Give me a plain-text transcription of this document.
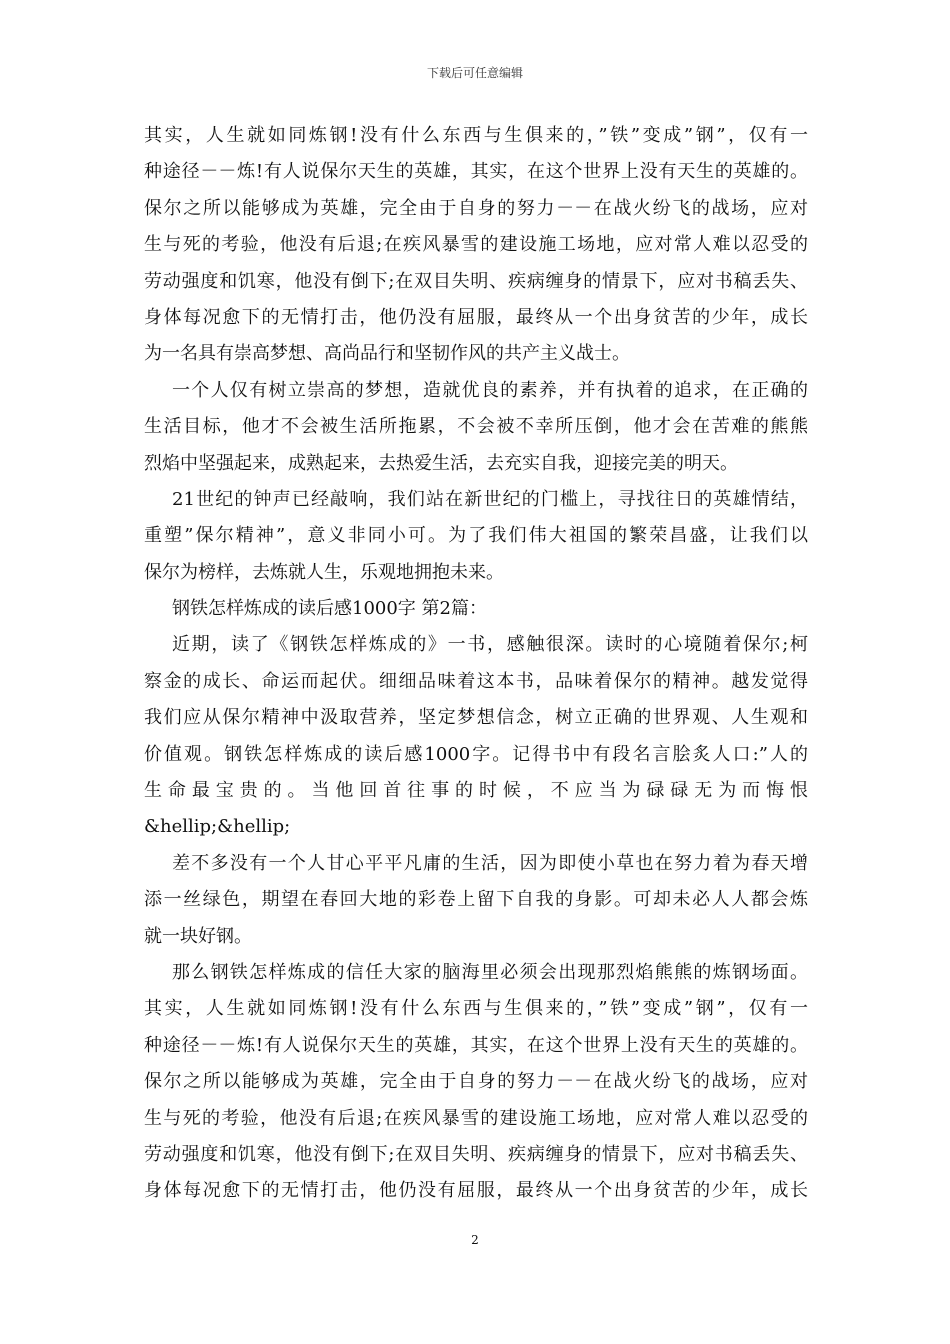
下载后可任意编辑
其实，人生就如同炼钢!没有什么东西与生俱来的，”铁”变成”钢”，仅有一
种途径－－炼!有人说保尔天生的英雄，其实，在这个世界上没有天生的英雄的。
保尔之所以能够成为英雄，完全由于自身的努力－－在战火纷飞的战场，应对
生与死的考验，他没有后退;在疾风暴雪的建设施工场地，应对常人难以忍受的
劳动强度和饥寒，他没有倒下;在双目失明、疾病缠身的情景下，应对书稿丢失、
身体每况愈下的无情打击，他仍没有屈服，最终从一个出身贫苦的少年，成长
为一名具有崇高梦想、高尚品行和坚韧作风的共产主义战士。
一个人仅有树立崇高的梦想，造就优良的素养，并有执着的追求，在正确的
生活目标，他才不会被生活所拖累，不会被不幸所压倒，他才会在苦难的熊熊
烈焰中坚强起来，成熟起来，去热爱生活，去充实自我，迎接完美的明天。
21世纪的钟声已经敲响，我们站在新世纪的门槛上，寻找往日的英雄情结，
重塑”保尔精神”，意义非同小可。为了我们伟大祖国的繁荣昌盛，让我们以
保尔为榜样，去炼就人生，乐观地拥抱未来。
钢铁怎样炼成的读后感1000字 第2篇：
近期，读了《钢铁怎样炼成的》一书，感触很深。读时的心境随着保尔;柯
察金的成长、命运而起伏。细细品味着这本书，品味着保尔的精神。越发觉得
我们应从保尔精神中汲取营养，坚定梦想信念，树立正确的世界观、人生观和
价值观。钢铁怎样炼成的读后感1000字。记得书中有段名言脍炙人口:”人的
生 命 最 宝 贵 的 。 当 他 回 首 往 事 的 时 候 ， 不 应 当 为 碌 碌 无 为 而 悔 恨
&hellip;&hellip;
差不多没有一个人甘心平平凡庸的生活，因为即使小草也在努力着为春天增
添一丝绿色，期望在春回大地的彩卷上留下自我的身影。可却未必人人都会炼
就一块好钢。
那么钢铁怎样炼成的信任大家的脑海里必须会出现那烈焰熊熊的炼钢场面。
其实，人生就如同炼钢!没有什么东西与生俱来的，”铁”变成”钢”，仅有一
种途径－－炼!有人说保尔天生的英雄，其实，在这个世界上没有天生的英雄的。
保尔之所以能够成为英雄，完全由于自身的努力－－在战火纷飞的战场，应对
生与死的考验，他没有后退;在疾风暴雪的建设施工场地，应对常人难以忍受的
劳动强度和饥寒，他没有倒下;在双目失明、疾病缠身的情景下，应对书稿丢失、
身体每况愈下的无情打击，他仍没有屈服，最终从一个出身贫苦的少年，成长
2
